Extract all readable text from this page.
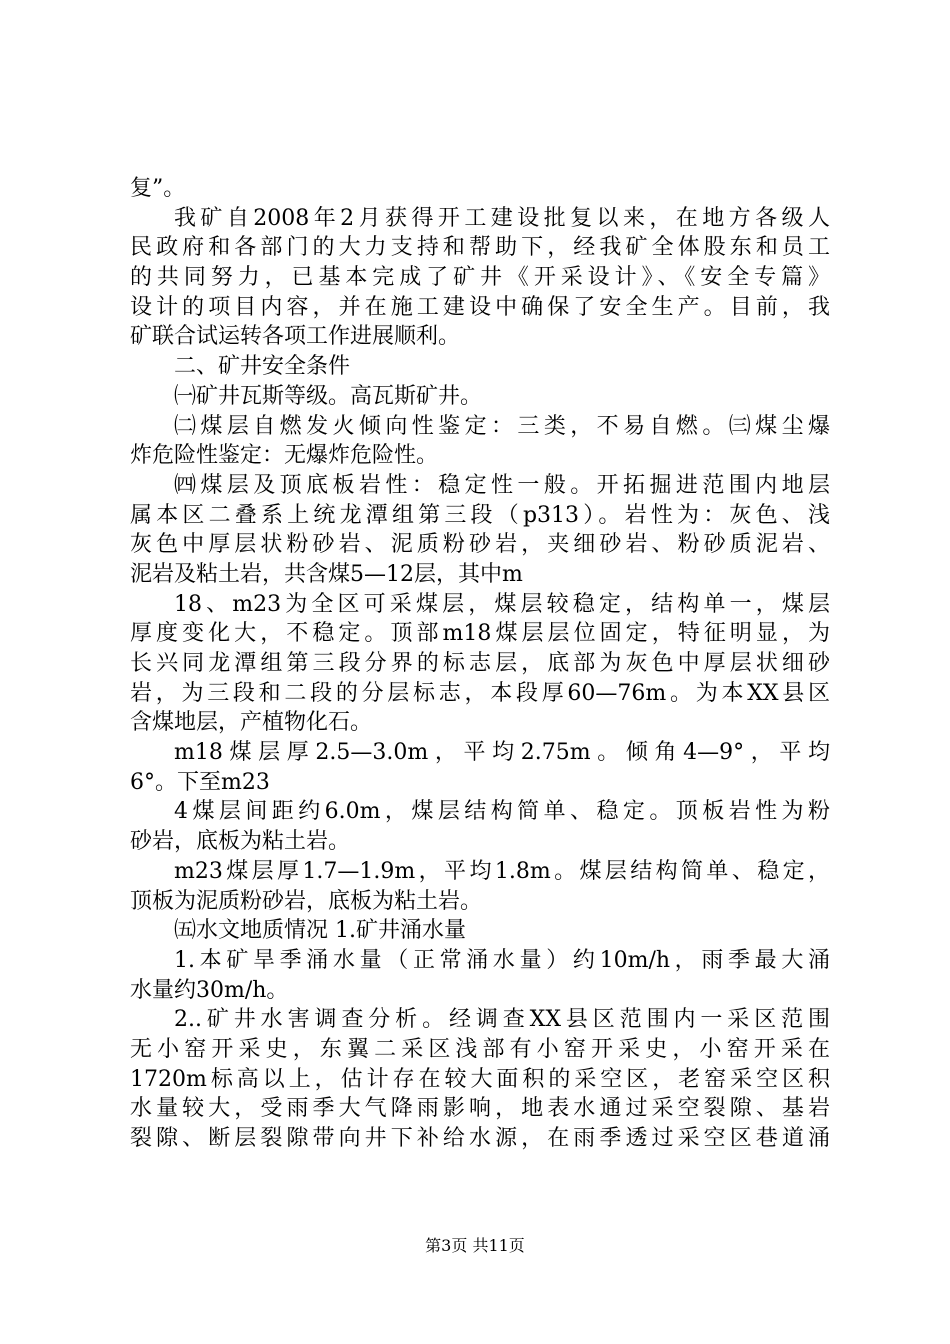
复”。
我矿自2008年2月获得开工建设批复以来，在地方各级人
民政府和各部门的大力支持和帮助下，经我矿全体股东和员工
的共同努力，已基本完成了矿井《开采设计》、《安全专篇》
设计的项目内容，并在施工建设中确保了安全生产。目前，我
矿联合试运转各项工作进展顺利。
二、矿井安全条件
㈠矿井瓦斯等级。高瓦斯矿井。
㈡煤层自燃发火倾向性鉴定：三类，不易自燃。㈢煤尘爆
炸危险性鉴定：无爆炸危险性。
㈣煤层及顶底板岩性：稳定性一般。开拓掘进范围内地层
属本区二叠系上统龙潭组第三段（p313）。岩性为：灰色、浅
灰色中厚层状粉砂岩、泥质粉砂岩，夹细砂岩、粉砂质泥岩、
泥岩及粘土岩，共含煤5—12层，其中m
18、m23为全区可采煤层，煤层较稳定，结构单一，煤层
厚度变化大，不稳定。顶部m18煤层层位固定，特征明显，为
长兴同龙潭组第三段分界的标志层，底部为灰色中厚层状细砂
岩，为三段和二段的分层标志，本段厚60—76m。为本XX县区
含煤地层，产植物化石。
m18煤层厚2.5—3.0m，平均2.75m。倾角4—9°，平均
6°。下至m23
4煤层间距约6.0m，煤层结构简单、稳定。顶板岩性为粉
砂岩，底板为粘土岩。
m23煤层厚1.7—1.9m，平均1.8m。煤层结构简单、稳定，
顶板为泥质粉砂岩，底板为粘土岩。
㈤水文地质情况 1.矿井涌水量
1.本矿旱季涌水量（正常涌水量）约10m/h，雨季最大涌
水量约30m/h。
2..矿井水害调查分析。经调查XX县区范围内一采区范围
无小窑开采史，东翼二采区浅部有小窑开采史，小窑开采在
1720m标高以上，估计存在较大面积的采空区，老窑采空区积
水量较大，受雨季大气降雨影响，地表水通过采空裂隙、基岩
裂隙、断层裂隙带向井下补给水源，在雨季透过采空区巷道涌
第3页 共11页
